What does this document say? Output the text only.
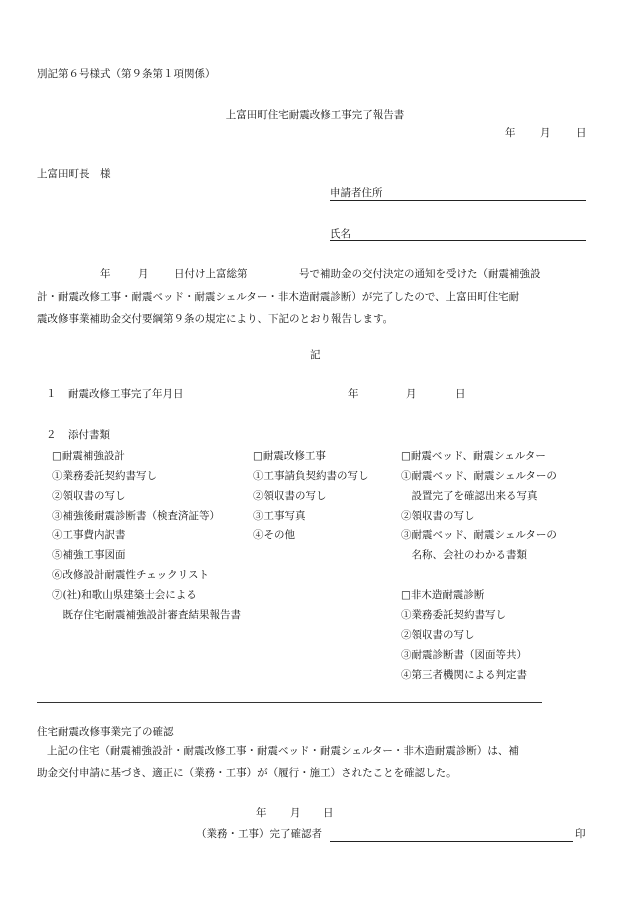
別記第６号様式（第９条第１項関係）
上富田町住宅耐震改修工事完了報告書
年 月 日
上富田町長　様
申請者住所
氏名
年	月 日付け上富総第	号で補助金の交付決定の通知を受けた（耐震補強設
計・耐震改修工事・耐震ベッド・耐震シェルター・非木造耐震診断）が完了したので、上富田町住宅耐
震改修事業補助金交付要綱第９条の規定により、下記のとおり報告します。
記
１ 耐震改修工事完了年月日	年	月	日
２ 添付書類
□耐震補強設計
①業務委託契約書写し
②領収書の写し
③補強後耐震診断書（検査済証等）
④工事費内訳書
⑤補強工事図面
⑥改修設計耐震性チェックリスト
⑦(社)和歌山県建築士会による
　既存住宅耐震補強設計審査結果報告書
□耐震改修工事
①工事請負契約書の写し
②領収書の写し
③工事写真
④その他
□耐震ベッド、耐震シェルター
①耐震ベッド、耐震シェルターの
　設置完了を確認出来る写真
②領収書の写し
③耐震ベッド、耐震シェルターの
　名称、会社のわかる書類
□非木造耐震診断
①業務委託契約書写し
②領収書の写し
③耐震診断書（図面等共）
④第三者機関による判定書
住宅耐震改修事業完了の確認
上記の住宅（耐震補強設計・耐震改修工事・耐震ベッド・耐震シェルター・非木造耐震診断）は、補
助金交付申請に基づき、適正に（業務・工事）が（履行・施工）されたことを確認した。
年 月 日
（業務・工事）完了確認者	印
